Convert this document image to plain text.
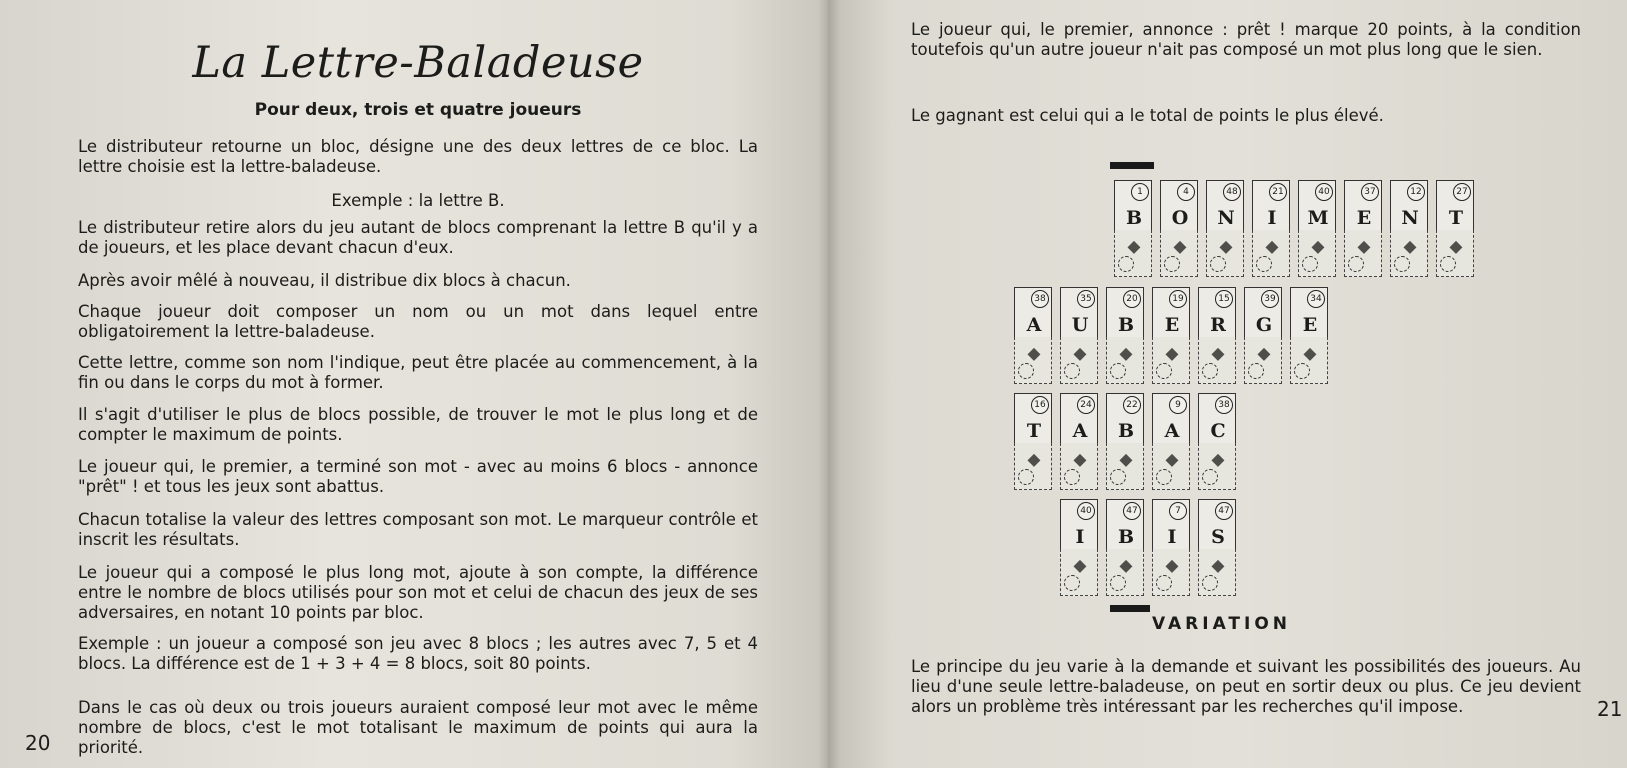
La Lettre-Baladeuse
Pour deux, trois et quatre joueurs

Le distributeur retourne un bloc, désigne une des deux lettres de ce bloc. La lettre choisie est la lettre-baladeuse.

Exemple : la lettre B.

Le distributeur retire alors du jeu autant de blocs comprenant la lettre B qu'il y a de joueurs, et les place devant chacun d'eux.

Après avoir mêlé à nouveau, il distribue dix blocs à chacun.

Chaque joueur doit composer un nom ou un mot dans lequel entre obligatoirement la lettre-baladeuse.

Cette lettre, comme son nom l'indique, peut être placée au commencement, à la fin ou dans le corps du mot à former.

Il s'agit d'utiliser le plus de blocs possible, de trouver le mot le plus long et de compter le maximum de points.

Le joueur qui, le premier, a terminé son mot - avec au moins 6 blocs - annonce "prêt" ! et tous les jeux sont abattus.

Chacun totalise la valeur des lettres composant son mot. Le marqueur contrôle et inscrit les résultats.

Le joueur qui a composé le plus long mot, ajoute à son compte, la différence entre le nombre de blocs utilisés pour son mot et celui de chacun des jeux de ses adversaires, en notant 10 points par bloc.

Exemple : un joueur a composé son jeu avec 8 blocs ; les autres avec 7, 5 et 4 blocs. La différence est de 1 + 3 + 4 = 8 blocs, soit 80 points.

Dans le cas où deux ou trois joueurs auraient composé leur mot avec le même nombre de blocs, c'est le mot totalisant le maximum de points qui aura la priorité.

20

Le joueur qui, le premier, annonce : prêt ! marque 20 points, à la condition toutefois qu'un autre joueur n'ait pas composé un mot plus long que le sien.

Le gagnant est celui qui a le total de points le plus élevé.

Le principe du jeu varie à la demande et suivant les possibilités des joueurs. Au lieu d'une seule lettre-baladeuse, on peut en sortir deux ou plus. Ce jeu devient alors un problème très intéressant par les recherches qu'il impose.	21
VARIATION
B
1
◆
O
4
◆
N
48
◆
I
21
◆
M
40
◆
E
37
◆
N
12
◆
T
27
◆
A
38
◆
U
35
◆
B
20
◆
E
19
◆
R
15
◆
G
39
◆
E
34
◆
T
16
◆
A
24
◆
B
22
◆
A
9
◆
C
38
◆
I
40
◆
B
47
◆
I
7
◆
S
47
◆
